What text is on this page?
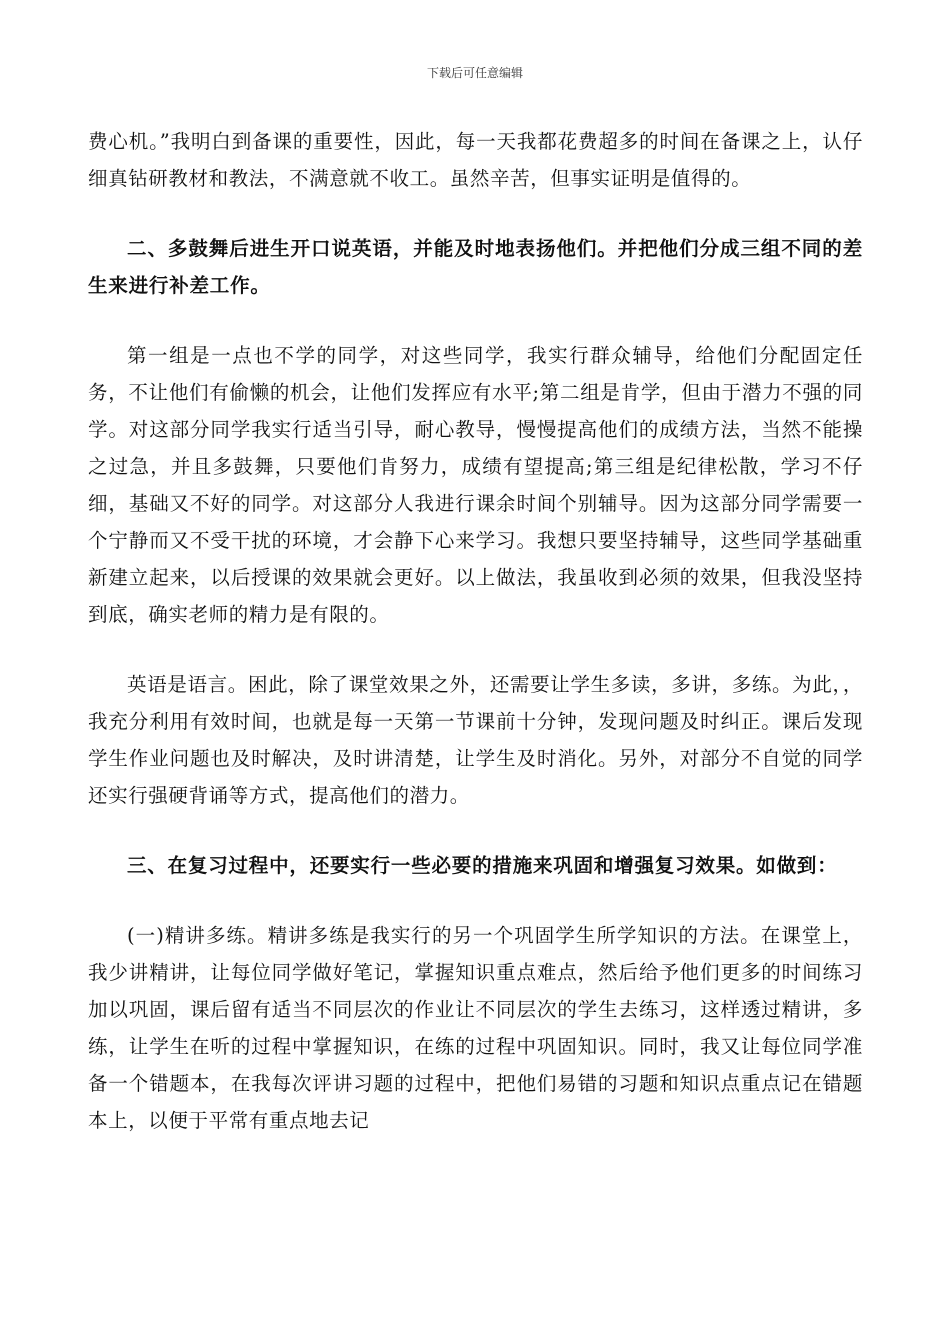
下载后可任意编辑

费心机。”我明白到备课的重要性，因此，每一天我都花费超多的时间在备课之上，认仔细真钻研教材和教法，不满意就不收工。虽然辛苦，但事实证明是值得的。

二、多鼓舞后进生开口说英语，并能及时地表扬他们。并把他们分成三组不同的差生来进行补差工作。

第一组是一点也不学的同学，对这些同学，我实行群众辅导，给他们分配固定任务，不让他们有偷懒的机会，让他们发挥应有水平;第二组是肯学，但由于潜力不强的同学。对这部分同学我实行适当引导，耐心教导，慢慢提高他们的成绩方法，当然不能操之过急，并且多鼓舞，只要他们肯努力，成绩有望提高;第三组是纪律松散，学习不仔细，基础又不好的同学。对这部分人我进行课余时间个别辅导。因为这部分同学需要一个宁静而又不受干扰的环境，才会静下心来学习。我想只要坚持辅导，这些同学基础重新建立起来，以后授课的效果就会更好。以上做法，我虽收到必须的效果，但我没坚持到底，确实老师的精力是有限的。

英语是语言。困此，除了课堂效果之外，还需要让学生多读，多讲，多练。为此，，我充分利用有效时间，也就是每一天第一节课前十分钟，发现问题及时纠正。课后发现学生作业问题也及时解决，及时讲清楚，让学生及时消化。另外，对部分不自觉的同学还实行强硬背诵等方式，提高他们的潜力。

三、在复习过程中，还要实行一些必要的措施来巩固和增强复习效果。如做到：

(一)精讲多练。精讲多练是我实行的另一个巩固学生所学知识的方法。在课堂上，我少讲精讲，让每位同学做好笔记，掌握知识重点难点，然后给予他们更多的时间练习加以巩固，课后留有适当不同层次的作业让不同层次的学生去练习，这样透过精讲，多练，让学生在听的过程中掌握知识，在练的过程中巩固知识。同时，我又让每位同学准备一个错题本，在我每次评讲习题的过程中，把他们易错的习题和知识点重点记在错题本上，以便于平常有重点地去记
